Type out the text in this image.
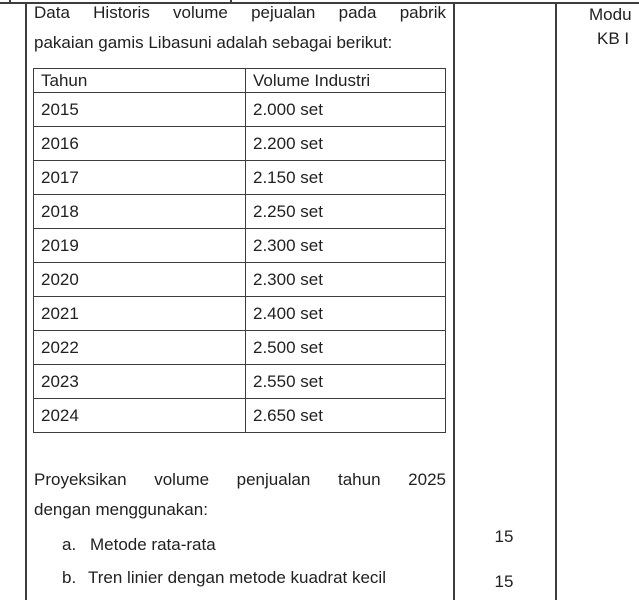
Data Historis volume pejualan pada pabrik
pakaian gamis Libasuni adalah sebagai berikut:
Tahun	Volume Industri
2015	2.000 set
2016	2.200 set
2017	2.150 set
2018	2.250 set
2019	2.300 set
2020	2.300 set
2021	2.400 set
2022	2.500 set
2023	2.550 set
2024	2.650 set
Proyeksikan volume penjualan tahun 2025
dengan menggunakan:
a. Metode rata-rata
b. Tren linier dengan metode kuadrat kecil
15
15
Modu
KB I
